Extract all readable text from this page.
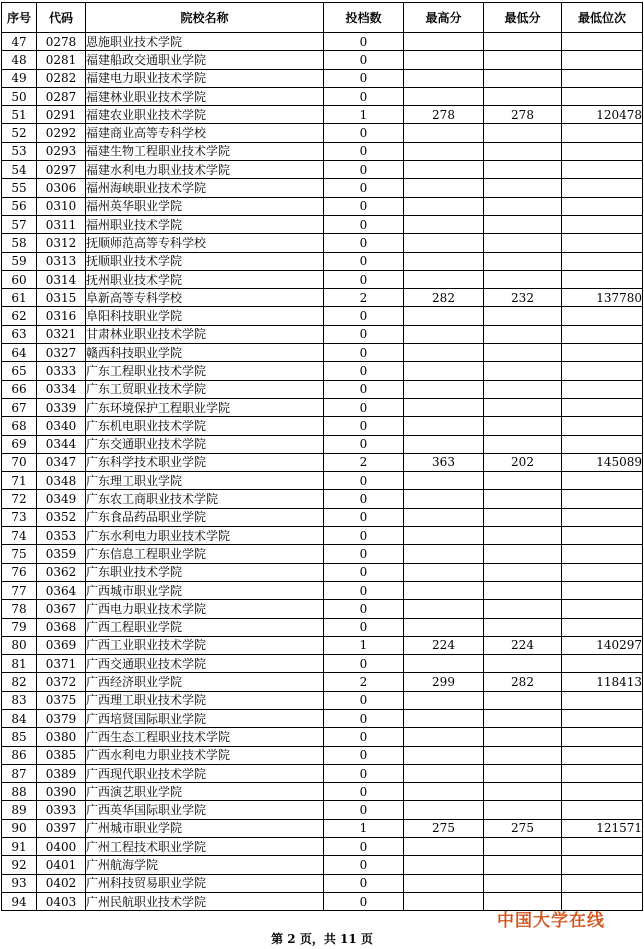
序号	代码	院校名称	投档数	最高分	最低分	最低位次
47	0278	恩施职业技术学院	0			
48	0281	福建船政交通职业学院	0			
49	0282	福建电力职业技术学院	0			
50	0287	福建林业职业技术学院	0			
51	0291	福建农业职业技术学院	1	278	278	120478
52	0292	福建商业高等专科学校	0			
53	0293	福建生物工程职业技术学院	0			
54	0297	福建水利电力职业技术学院	0			
55	0306	福州海峡职业技术学院	0			
56	0310	福州英华职业学院	0			
57	0311	福州职业技术学院	0			
58	0312	抚顺师范高等专科学校	0			
59	0313	抚顺职业技术学院	0			
60	0314	抚州职业技术学院	0			
61	0315	阜新高等专科学校	2	282	232	137780
62	0316	阜阳科技职业学院	0			
63	0321	甘肃林业职业技术学院	0			
64	0327	赣西科技职业学院	0			
65	0333	广东工程职业技术学院	0			
66	0334	广东工贸职业技术学院	0			
67	0339	广东环境保护工程职业学院	0			
68	0340	广东机电职业技术学院	0			
69	0344	广东交通职业技术学院	0			
70	0347	广东科学技术职业学院	2	363	202	145089
71	0348	广东理工职业学院	0			
72	0349	广东农工商职业技术学院	0			
73	0352	广东食品药品职业学院	0			
74	0353	广东水利电力职业技术学院	0			
75	0359	广东信息工程职业学院	0			
76	0362	广东职业技术学院	0			
77	0364	广西城市职业学院	0			
78	0367	广西电力职业技术学院	0			
79	0368	广西工程职业学院	0			
80	0369	广西工业职业技术学院	1	224	224	140297
81	0371	广西交通职业技术学院	0			
82	0372	广西经济职业学院	2	299	282	118413
83	0375	广西理工职业技术学院	0			
84	0379	广西培贤国际职业学院	0			
85	0380	广西生态工程职业技术学院	0			
86	0385	广西水利电力职业技术学院	0			
87	0389	广西现代职业技术学院	0			
88	0390	广西演艺职业学院	0			
89	0393	广西英华国际职业学院	0			
90	0397	广州城市职业学院	1	275	275	121571
91	0400	广州工程技术职业学院	0			
92	0401	广州航海学院	0			
93	0402	广州科技贸易职业学院	0			
94	0403	广州民航职业技术学院	0			
中国大学在线
第 2 页，共 11 页
